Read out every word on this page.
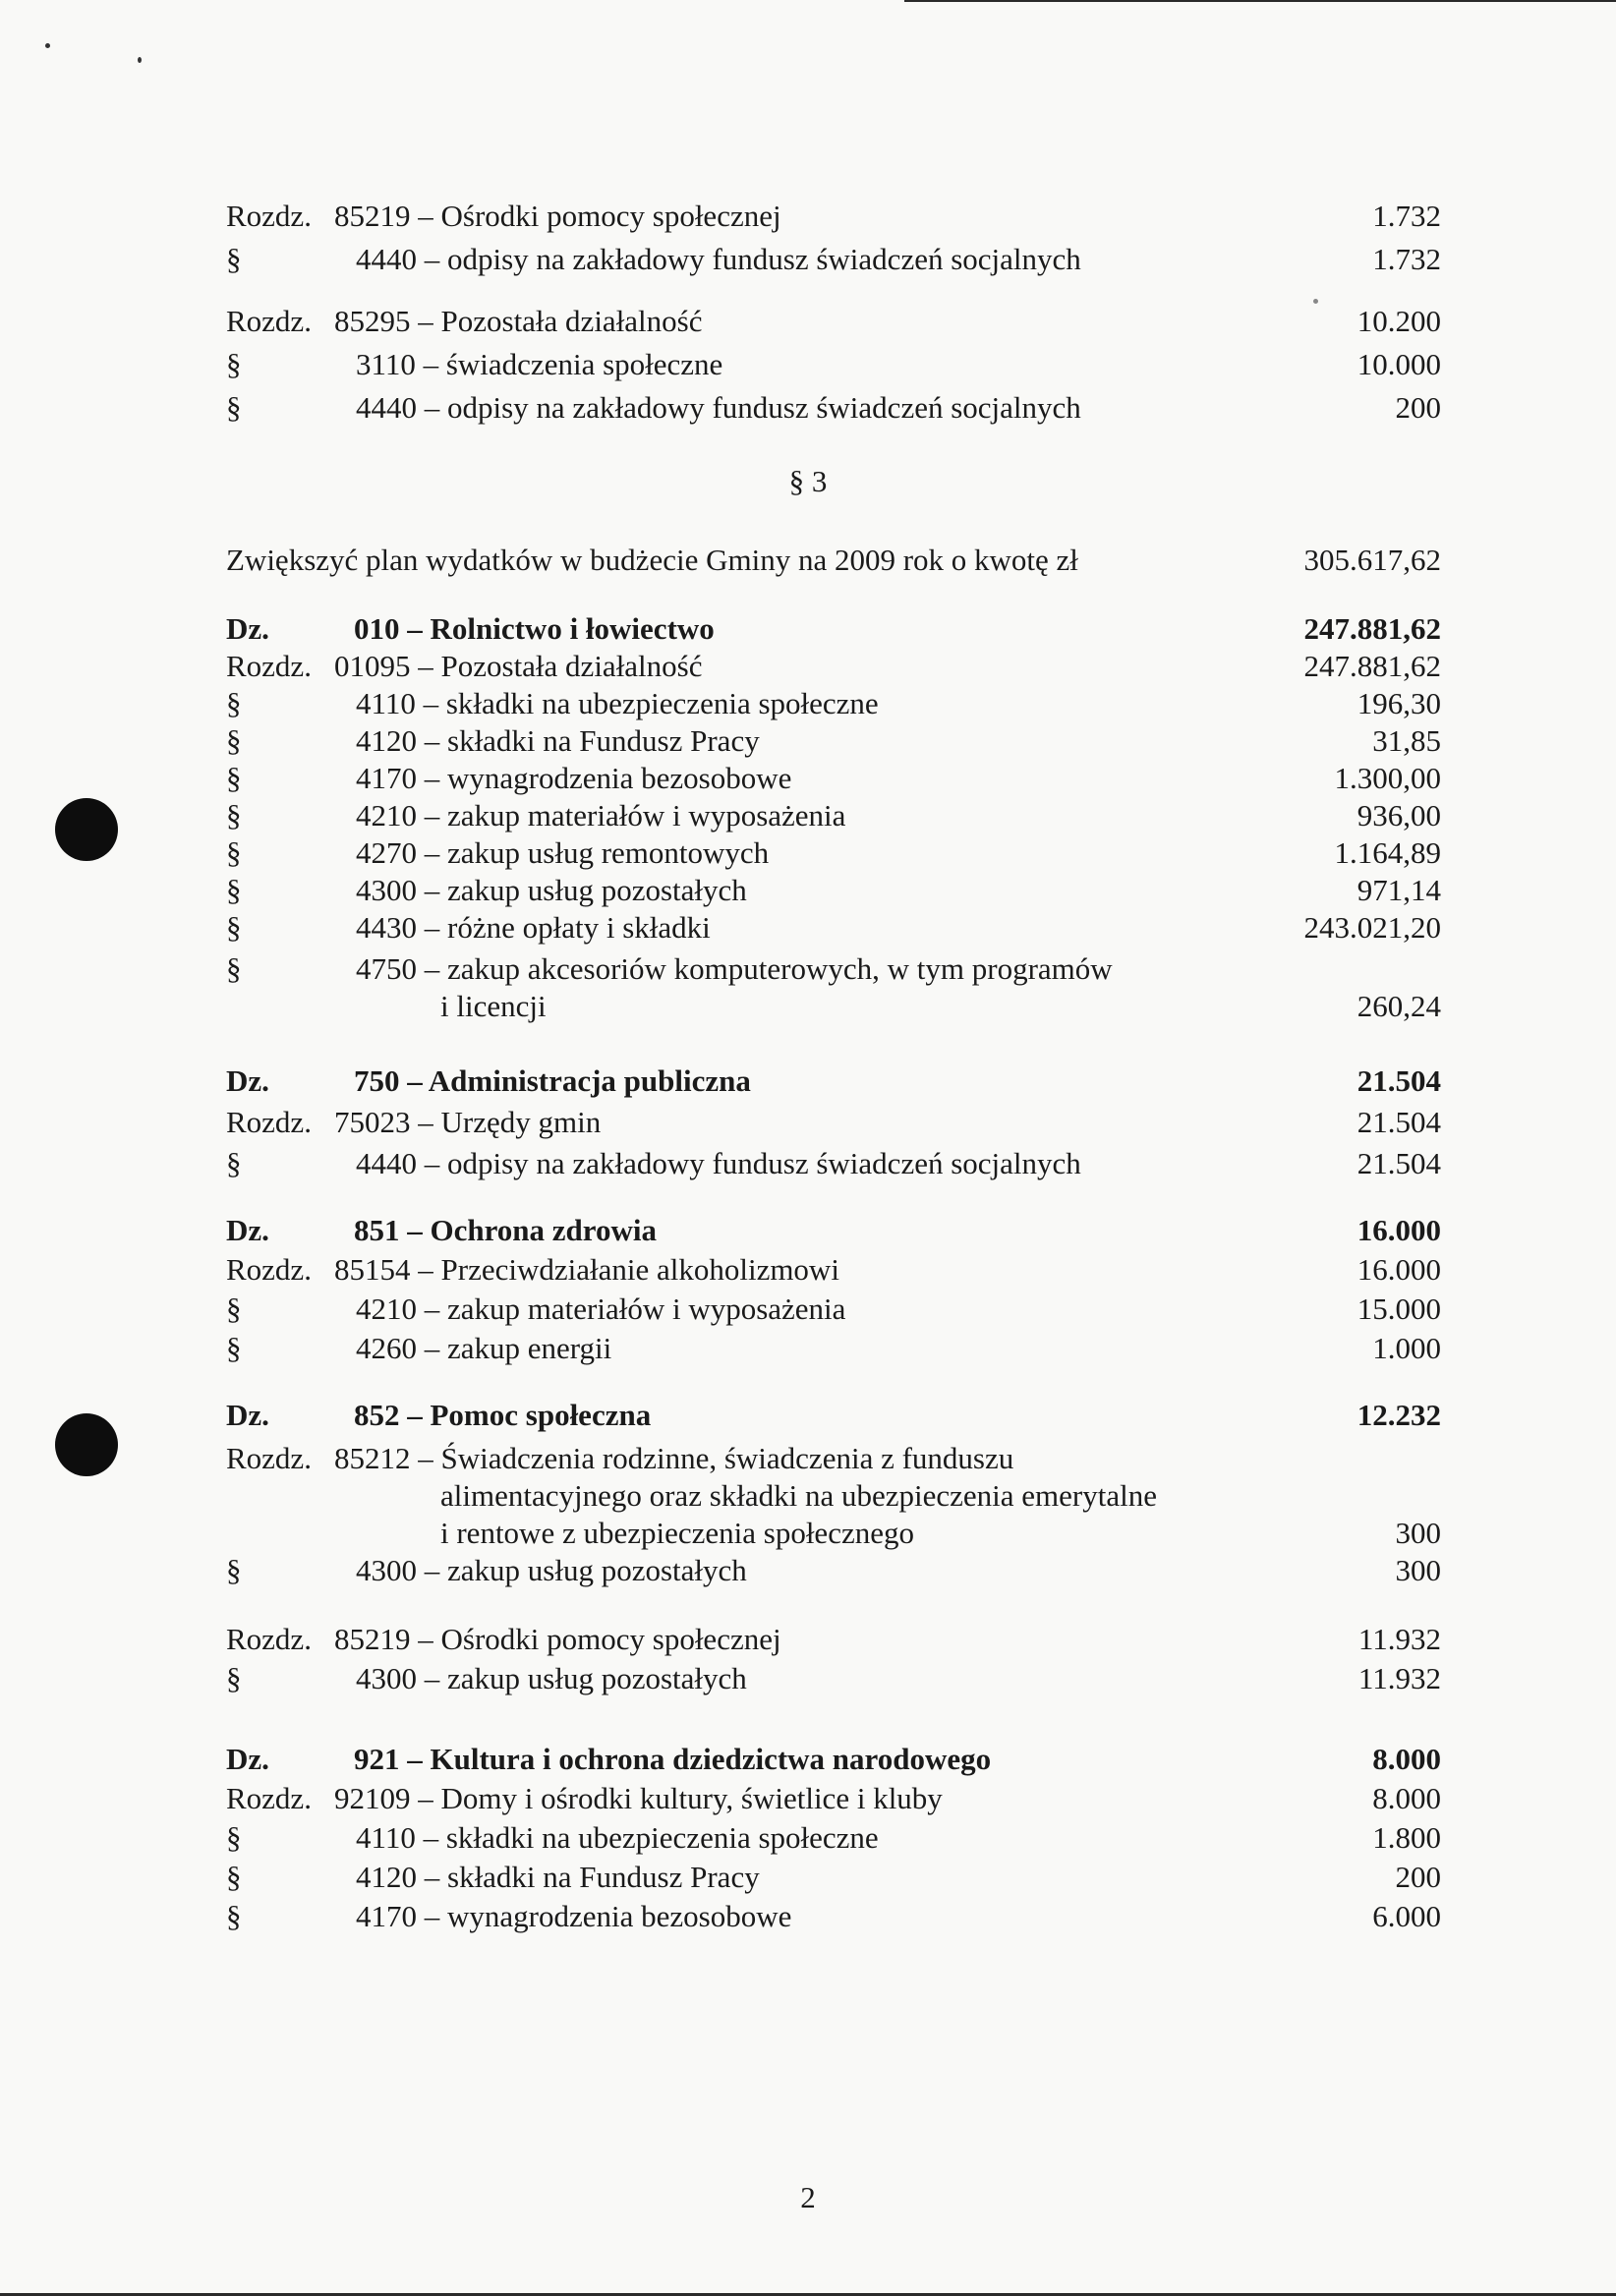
Rozdz. 85219 – Ośrodki pomocy społecznej	1.732
§	4440 – odpisy na zakładowy fundusz świadczeń socjalnych	1.732
Rozdz. 85295 – Pozostała działalność	10.200
§	3110 – świadczenia społeczne	10.000
§	4440 – odpisy na zakładowy fundusz świadczeń socjalnych	200
§ 3
Zwiększyć plan wydatków w budżecie Gminy na 2009 rok o kwotę zł	305.617,62
Dz.	010 – Rolnictwo i łowiectwo	247.881,62
Rozdz. 01095 – Pozostała działalność	247.881,62
§	4110 – składki na ubezpieczenia społeczne	196,30
§	4120 – składki na Fundusz Pracy	31,85
§	4170 – wynagrodzenia bezosobowe	1.300,00
§	4210 – zakup materiałów i wyposażenia	936,00
§	4270 – zakup usług remontowych	1.164,89
§	4300 – zakup usług pozostałych	971,14
§	4430 – różne opłaty i składki	243.021,20
§	4750 – zakup akcesoriów komputerowych, w tym programów
i licencji	260,24
Dz.	750 – Administracja publiczna	21.504
Rozdz. 75023 – Urzędy gmin	21.504
§	4440 – odpisy na zakładowy fundusz świadczeń socjalnych	21.504
Dz.	851 – Ochrona zdrowia	16.000
Rozdz. 85154 – Przeciwdziałanie alkoholizmowi	16.000
§	4210 – zakup materiałów i wyposażenia	15.000
§	4260 – zakup energii	1.000
Dz.	852 – Pomoc społeczna	12.232
Rozdz. 85212 – Świadczenia rodzinne, świadczenia z funduszu
alimentacyjnego oraz składki na ubezpieczenia emerytalne
i rentowe z ubezpieczenia społecznego	300
§	4300 – zakup usług pozostałych	300
Rozdz. 85219 – Ośrodki pomocy społecznej	11.932
§	4300 – zakup usług pozostałych	11.932
Dz.	921 – Kultura i ochrona dziedzictwa narodowego	8.000
Rozdz. 92109 – Domy i ośrodki kultury, świetlice i kluby	8.000
§	4110 – składki na ubezpieczenia społeczne	1.800
§	4120 – składki na Fundusz Pracy	200
§	4170 – wynagrodzenia bezosobowe	6.000
2
